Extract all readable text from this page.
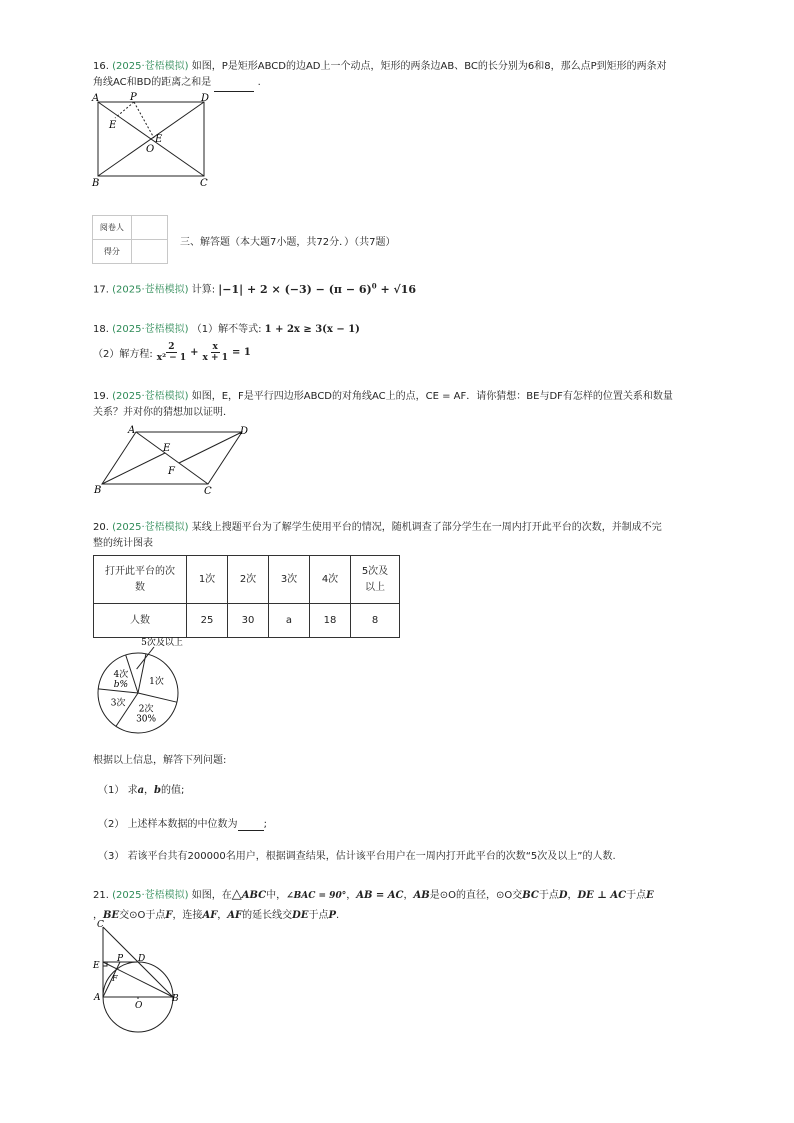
16. (2025·苍梧模拟) 如图，P是矩形ABCD的边AD上一个动点，矩形的两条边AB、BC的长分别为6和8，那么点P到矩形的两条对
角线AC和BD的距离之和是	.
A	P	D
E
E
O
B	C
阅卷人	
得分	
三、解答题（本大题7小题，共72分．）（共7题）
17. (2025·苍梧模拟) 计算: $|-1| + 2 \times (-3) - (\pi - 6)^0 + √16$
18. (2025·苍梧模拟) （1）解不等式: 1 + 2x ≥ 3(x − 1)
（2）解方程: $\frac{2}{\text{x² − 1}} + \frac{x}{x + 1} = 1$
19. (2025·苍梧模拟) 如图，E，F是平行四边形ABCD的对角线AC上的点，CE = AF．请你猜想：BE与DF有怎样的位置关系和数量
关系？并对你的猜想加以证明．
A	D
E
F
B	C
20. (2025·苍梧模拟) 某线上搜题平台为了解学生使用平台的情况，随机调查了部分学生在一周内打开此平台的次数，并制成不完
整的统计图表
打开此平台的次数	1次	2次	3次	4次	5次及以上
人数	25	30	a	18	8
1次
2次
30%
3次
4次
b%
5次及以上
根据以上信息，解答下列问题:
（1） 求a，b的值;
（2） 上述样本数据的中位数为	;
（3） 若该平台共有200000名用户，根据调查结果，估计该平台用户在一周内打开此平台的次数“5次及以上”的人数.
21. (2025·苍梧模拟) 如图，在△ABC中，∠BAC = 90°，AB = AC，AB是⊙O的直径，⊙O交BC于点D，DE ⊥ AC于点E
，BE交⊙O于点F，连接AF，AF的延长线交DE于点P.
C
E
P D
F
A
O
B
